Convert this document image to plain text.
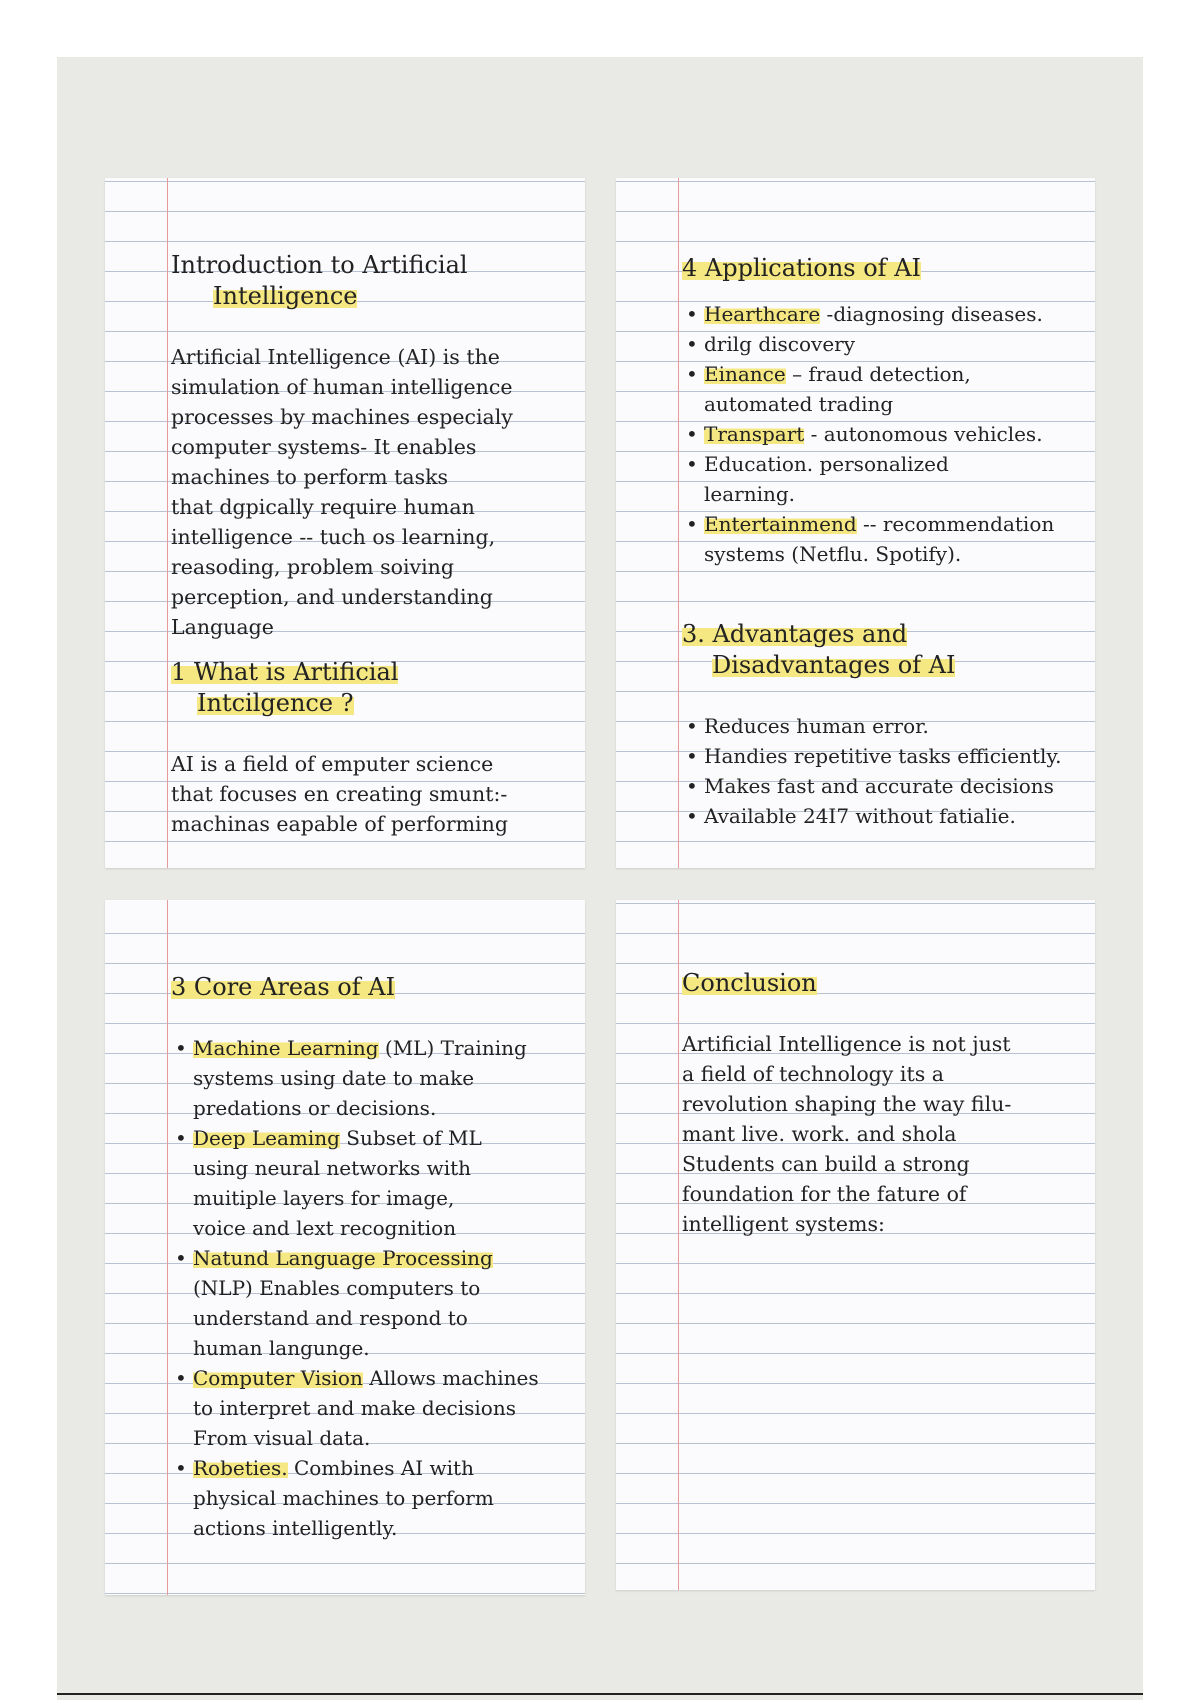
Introduction to Artificial
Intelligence
Artificial Intelligence (AI) is the
simulation of human intelligence
processes by machines especialy
computer systems- It enables
machines to perform tasks
that dgpically require human
intelligence -- tuch os learning,
reasoding, problem soiving
perception, and understanding
Language
1 What is Artificial
Intcilgence ?
AI is a field of emputer science
that focuses en creating smunt:-
machinas eapable of performing
4 Applications of AI
• Hearthcare -diagnosing diseases.
• drilg discovery
• Einance – fraud detection,
automated trading
• Transpart - autonomous vehicles.
• Education. personalized
learning.
• Entertainmend -- recommendation
systems (Netflu. Spotify).
3. Advantages and
Disadvantages of AI
• Reduces human error.
• Handies repetitive tasks efficiently.
• Makes fast and accurate decisions
• Available 24I7 without fatialie.
3 Core Areas of AI
• Machine Learning (ML) Training
systems using date to make
predations or decisions.
• Deep Leaming Subset of ML
using neural networks with
muitiple layers for image,
voice and lext recognition
• Natund Language Processing
(NLP) Enables computers to
understand and respond to
human langunge.
• Computer Vision Allows machines
to interpret and make decisions
From visual data.
• Robeties. Combines AI with
physical machines to perform
actions intelligently.
Conclusion
Artificial Intelligence is not just
a field of technology its a
revolution shaping the way filu-
mant live. work. and shola
Students can build a strong
foundation for the fature of
intelligent systems:
